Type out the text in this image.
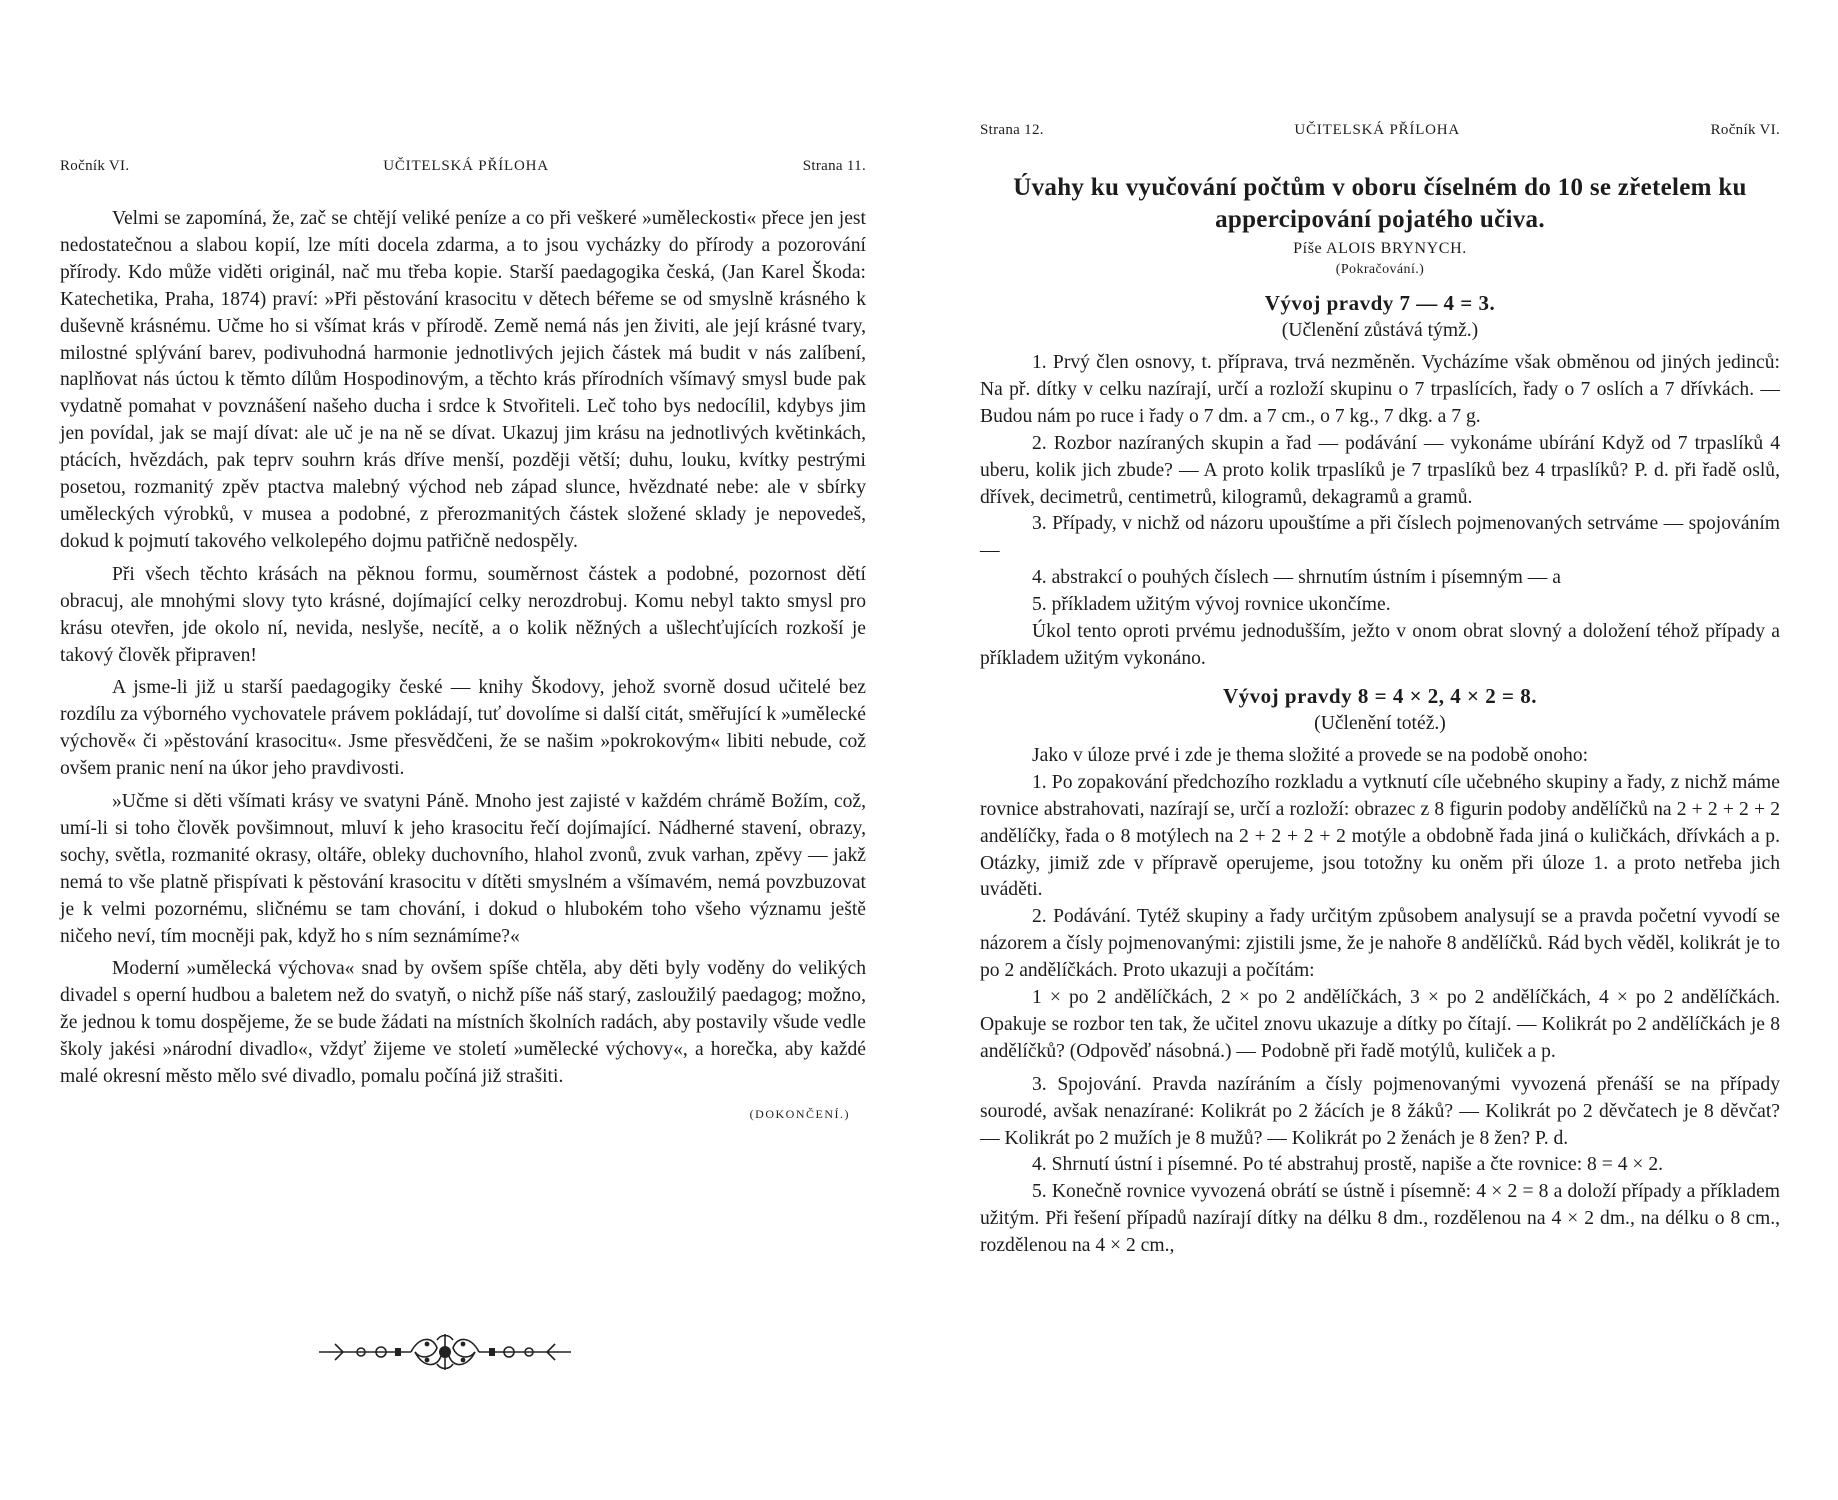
Ročník VI.	UČITELSKÁ PŘÍLOHA	Strana 11.

Velmi se zapomíná, že, zač se chtějí veliké peníze a co při veškeré »uměleckosti« přece jen jest nedostatečnou a slabou kopií, lze míti docela zdarma, a to jsou vycházky do přírody a pozorování přírody. Kdo může viděti originál, nač mu třeba kopie. Starší paedagogika česká, (Jan Karel Škoda: Katechetika, Praha, 1874) praví: »Při pěstování krasocitu v dětech béřeme se od smyslně krásného k duševně krásnému. Učme ho si všímat krás v přírodě. Země nemá nás jen živiti, ale její krásné tvary, milostné splývání barev, podivuhodná harmonie jednotlivých jejich částek má budit v nás zalíbení, naplňovat nás úctou k těmto dílům Hospodinovým, a těchto krás přírodních všímavý smysl bude pak vydatně pomahat v povznášení našeho ducha i srdce k Stvořiteli. Leč toho bys nedocílil, kdybys jim jen povídal, jak se mají dívat: ale uč je na ně se dívat. Ukazuj jim krásu na jednotlivých květinkách, ptácích, hvězdách, pak teprv souhrn krás dříve menší, později větší; duhu, louku, kvítky pestrými posetou, rozmanitý zpěv ptactva malebný východ neb západ slunce, hvězdnaté nebe: ale v sbírky uměleckých výrobků, v musea a podobné, z přerozmanitých částek složené sklady je nepovedeš, dokud k pojmutí takového velkolepého dojmu patřičně nedospěly.

Při všech těchto krásách na pěknou formu, souměrnost částek a podobné, pozornost dětí obracuj, ale mnohými slovy tyto krásné, dojímající celky nerozdrobuj. Komu nebyl takto smysl pro krásu otevřen, jde okolo ní, nevida, neslyše, necítě, a o kolik něžných a ušlechťujících rozkoší je takový člověk připraven!

A jsme-li již u starší paedagogiky české — knihy Škodovy, jehož svorně dosud učitelé bez rozdílu za výborného vychovatele právem pokládají, tuť dovolíme si další citát, směřující k »umělecké výchově« či »pěstování krasocitu«. Jsme přesvědčeni, že se našim »pokrokovým« libiti nebude, což ovšem pranic není na úkor jeho pravdivosti.

»Učme si děti všímati krásy ve svatyni Páně. Mnoho jest zajisté v každém chrámě Božím, což, umí-li si toho člověk povšimnout, mluví k jeho krasocitu řečí dojímající. Nádherné stavení, obrazy, sochy, světla, rozmanité okrasy, oltáře, obleky duchovního, hlahol zvonů, zvuk varhan, zpěvy — jakž nemá to vše platně přispívati k pěstování krasocitu v dítěti smyslném a všímavém, nemá povzbuzovat je k velmi pozornému, sličnému se tam chování, i dokud o hlubokém toho všeho významu ještě ničeho neví, tím mocněji pak, když ho s ním seznámíme?«

Moderní »umělecká výchova« snad by ovšem spíše chtěla, aby děti byly voděny do velikých divadel s operní hudbou a baletem než do svatyň, o nichž píše náš starý, zasloužilý paedagog; možno, že jednou k tomu dospějeme, že se bude žádati na místních školních radách, aby postavily všude vedle školy jakési »národní divadlo«, vždyť žijeme ve století »umělecké výchovy«, a horečka, aby každé malé okresní město mělo své divadlo, pomalu počíná již strašiti.

(DOKONČENÍ.)
Strana 12.	UČITELSKÁ PŘÍLOHA	Ročník VI.
Úvahy ku vyučování počtům v oboru číselném do 10 se zřetelem ku appercipování pojatého učiva.
Píše ALOIS BRYNYCH.
(Pokračování.)
Vývoj pravdy 7 — 4 = 3.
(Učlenění zůstává týmž.)

1. Prvý člen osnovy, t. příprava, trvá nezměněn. Vycházíme však obměnou od jiných jedinců: Na př. dítky v celku nazírají, určí a rozloží skupinu o 7 trpaslících, řady o 7 oslích a 7 dřívkách. — Budou nám po ruce i řady o 7 dm. a 7 cm., o 7 kg., 7 dkg. a 7 g.

2. Rozbor nazíraných skupin a řad — podávání — vykonáme ubírání Když od 7 trpaslíků 4 uberu, kolik jich zbude? — A proto kolik trpaslíků je 7 trpaslíků bez 4 trpaslíků? P. d. při řadě oslů, dřívek, decimetrů, centimetrů, kilogramů, dekagramů a gramů.

3. Případy, v nichž od názoru upouštíme a při číslech pojmenovaných setrváme — spojováním —

4. abstrakcí o pouhých číslech — shrnutím ústním i písemným — a

5. příkladem užitým vývoj rovnice ukončíme.

Úkol tento oproti prvému jednodušším, ježto v onom obrat slovný a doložení téhož případy a příkladem užitým vykonáno.

Vývoj pravdy 8 = 4 × 2, 4 × 2 = 8.
(Učlenění totéž.)

Jako v úloze prvé i zde je thema složité a provede se na podobě onoho:

1. Po zopakování předchozího rozkladu a vytknutí cíle učebného skupiny a řady, z nichž máme rovnice abstrahovati, nazírají se, určí a rozloží: obrazec z 8 figurin podoby andělíčků na 2 + 2 + 2 + 2 andělíčky, řada o 8 motýlech na 2 + 2 + 2 + 2 motýle a obdobně řada jiná o kuličkách, dřívkách a p. Otázky, jimiž zde v přípravě operujeme, jsou totožny ku oněm při úloze 1. a proto netřeba jich uváděti.

2. Podávání. Tytéž skupiny a řady určitým způsobem analysují se a pravda početní vyvodí se názorem a čísly pojmenovanými: zjistili jsme, že je nahoře 8 andělíčků. Rád bych věděl, kolikrát je to po 2 andělíčkách. Proto ukazuji a počítám:

1 × po 2 andělíčkách, 2 × po 2 andělíčkách, 3 × po 2 andělíčkách, 4 × po 2 andělíčkách. Opakuje se rozbor ten tak, že učitel znovu ukazuje a dítky po čítají. — Kolikrát po 2 andělíčkách je 8 andělíčků? (Odpověď násobná.) — Podobně při řadě motýlů, kuliček a p.

3. Spojování. Pravda nazíráním a čísly pojmenovanými vyvozená přenáší se na případy sourodé, avšak nenazírané: Kolikrát po 2 žácích je 8 žáků? — Kolikrát po 2 děvčatech je 8 děvčat? — Kolikrát po 2 mužích je 8 mužů? — Kolikrát po 2 ženách je 8 žen? P. d.

4. Shrnutí ústní i písemné. Po té abstrahuj prostě, napiše a čte rovnice: 8 = 4 × 2.

5. Konečně rovnice vyvozená obrátí se ústně i písemně: 4 × 2 = 8 a doloží případy a příkladem užitým. Při řešení případů nazírají dítky na délku 8 dm., rozdělenou na 4 × 2 dm., na délku o 8 cm., rozdělenou na 4 × 2 cm.,
